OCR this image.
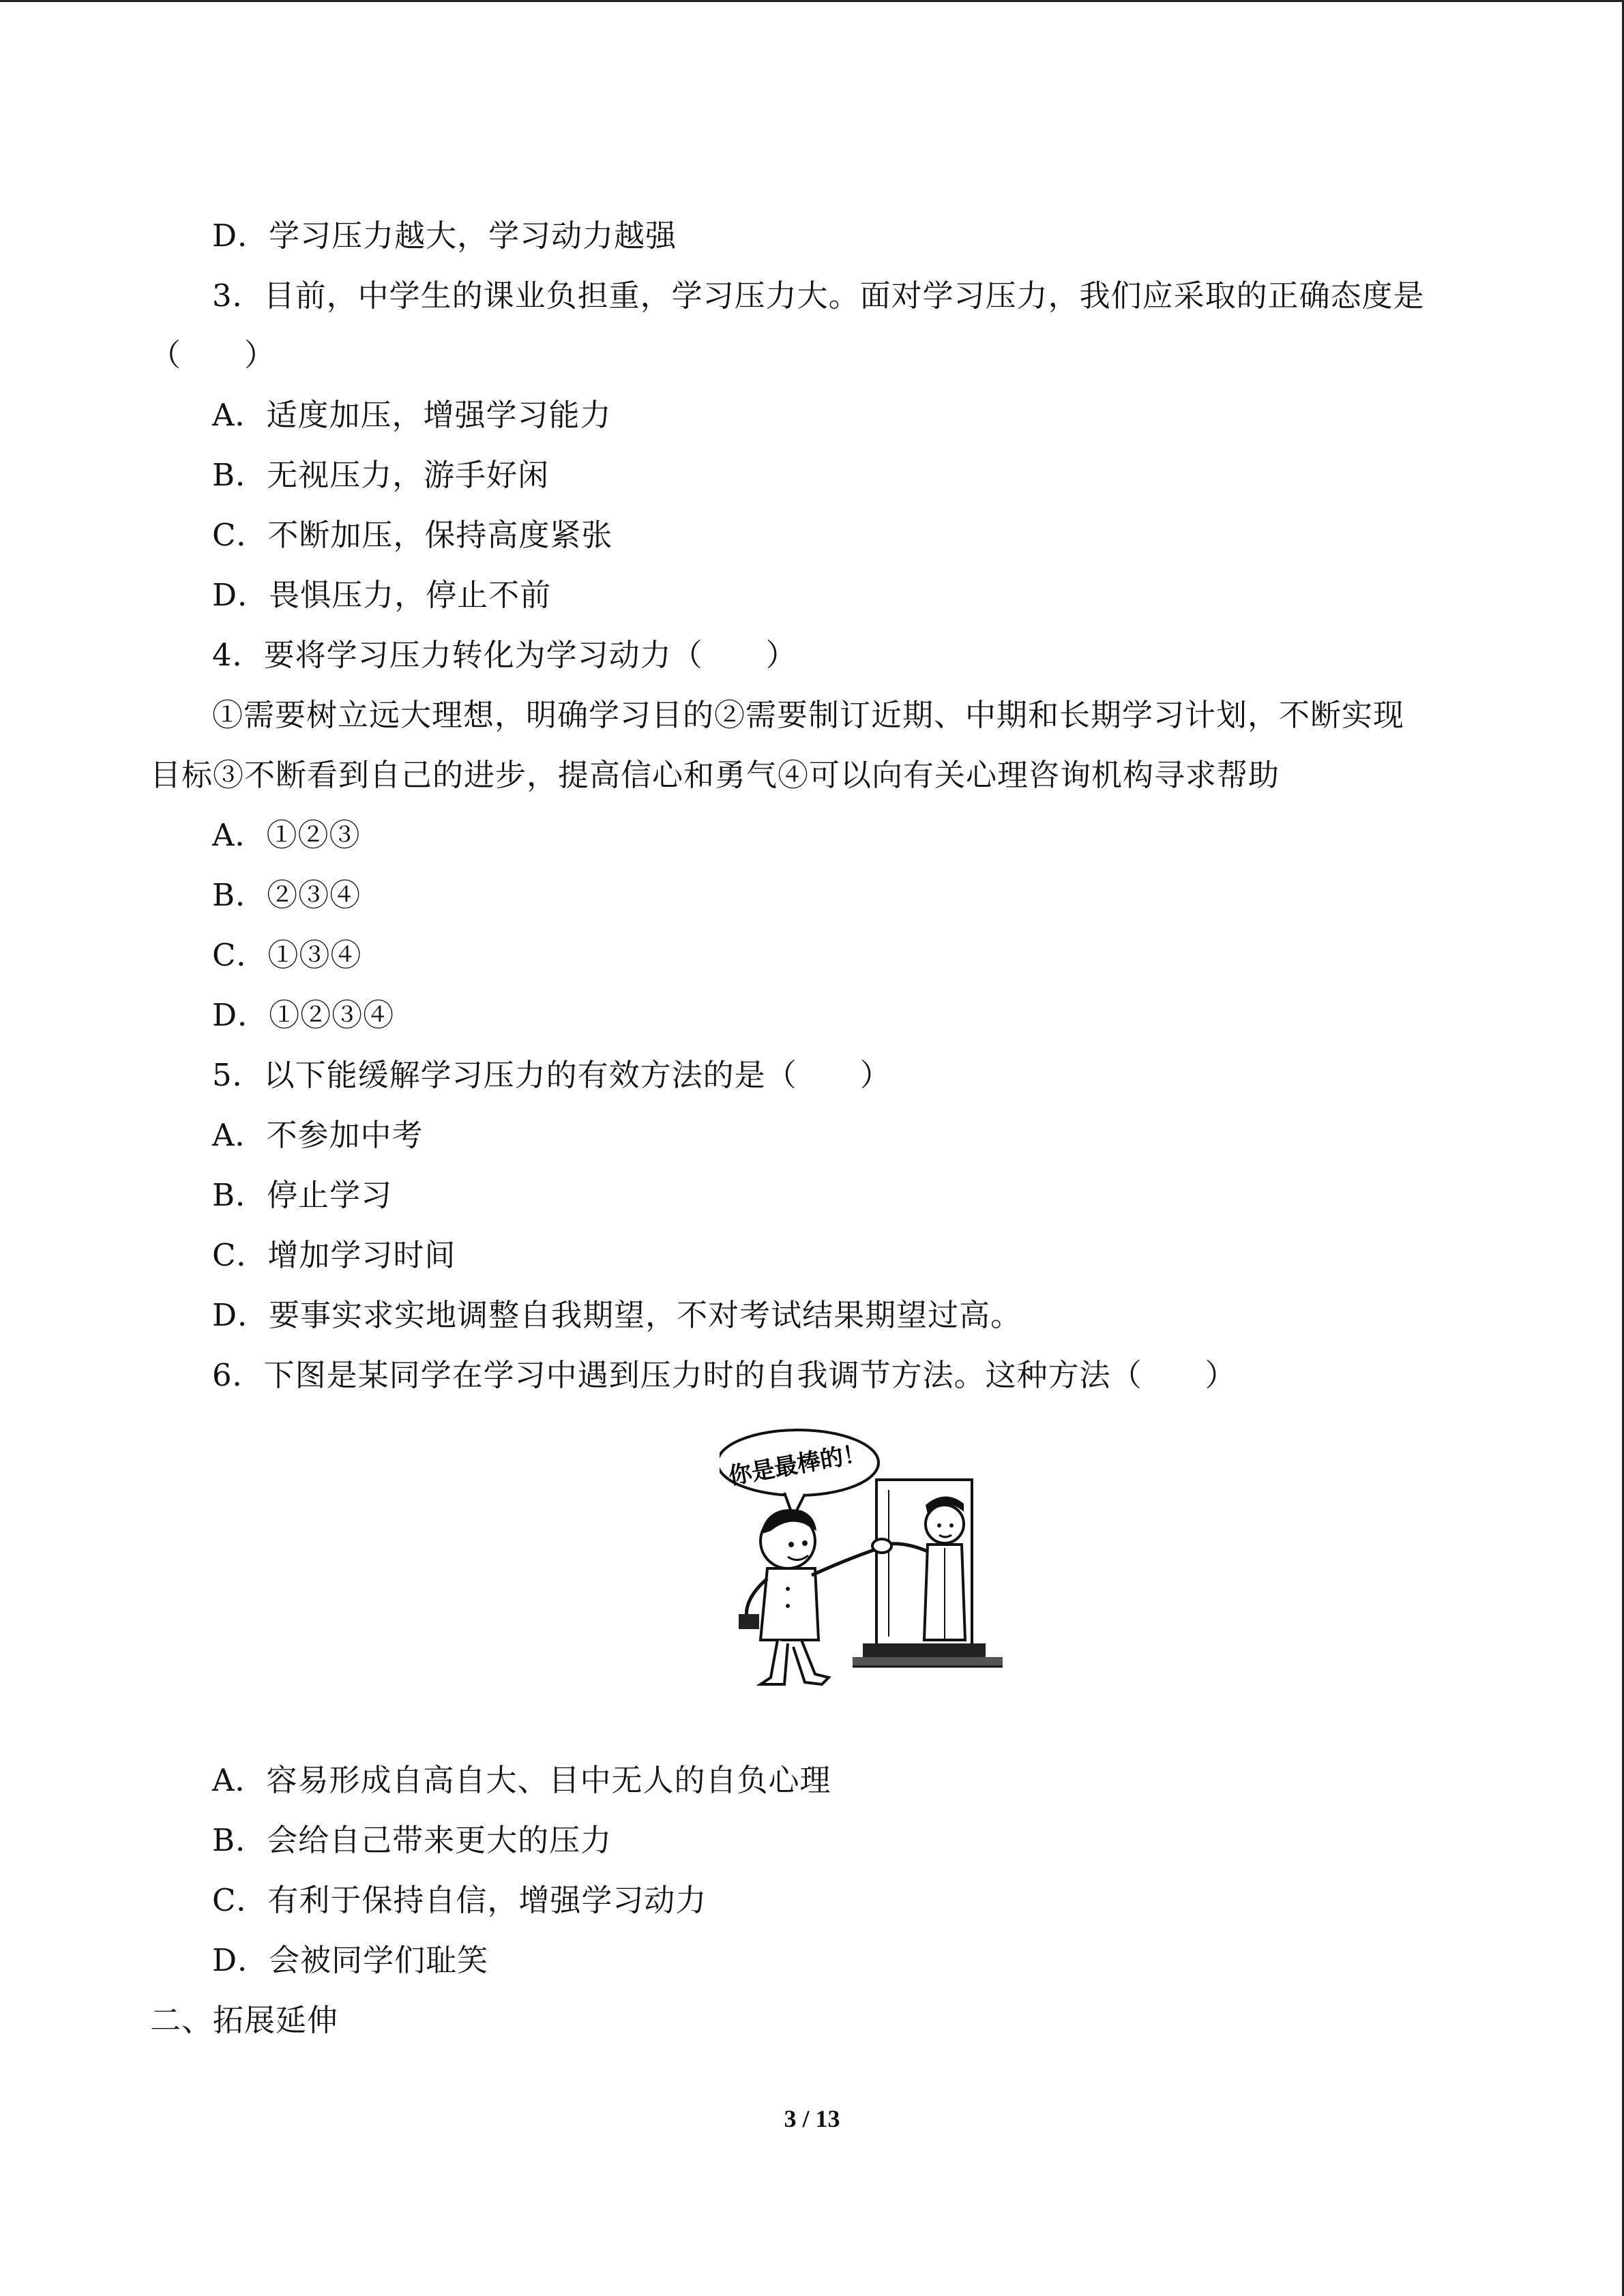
D．学习压力越大，学习动力越强
3．目前，中学生的课业负担重，学习压力大。面对学习压力，我们应采取的正确态度是
（　　）
A．适度加压，增强学习能力
B．无视压力，游手好闲
C．不断加压，保持高度紧张
D．畏惧压力，停止不前
4．要将学习压力转化为学习动力（　　）
①需要树立远大理想，明确学习目的②需要制订近期、中期和长期学习计划，不断实现
目标③不断看到自己的进步，提高信心和勇气④可以向有关心理咨询机构寻求帮助
A．①②③
B．②③④
C．①③④
D．①②③④
5．以下能缓解学习压力的有效方法的是（　　）
A．不参加中考
B．停止学习
C．增加学习时间
D．要事实求实地调整自我期望，不对考试结果期望过高。
6．下图是某同学在学习中遇到压力时的自我调节方法。这种方法（　　）
你是最棒的！
A．容易形成自高自大、目中无人的自负心理
B．会给自己带来更大的压力
C．有利于保持自信，增强学习动力
D．会被同学们耻笑
二、拓展延伸
3 / 13
